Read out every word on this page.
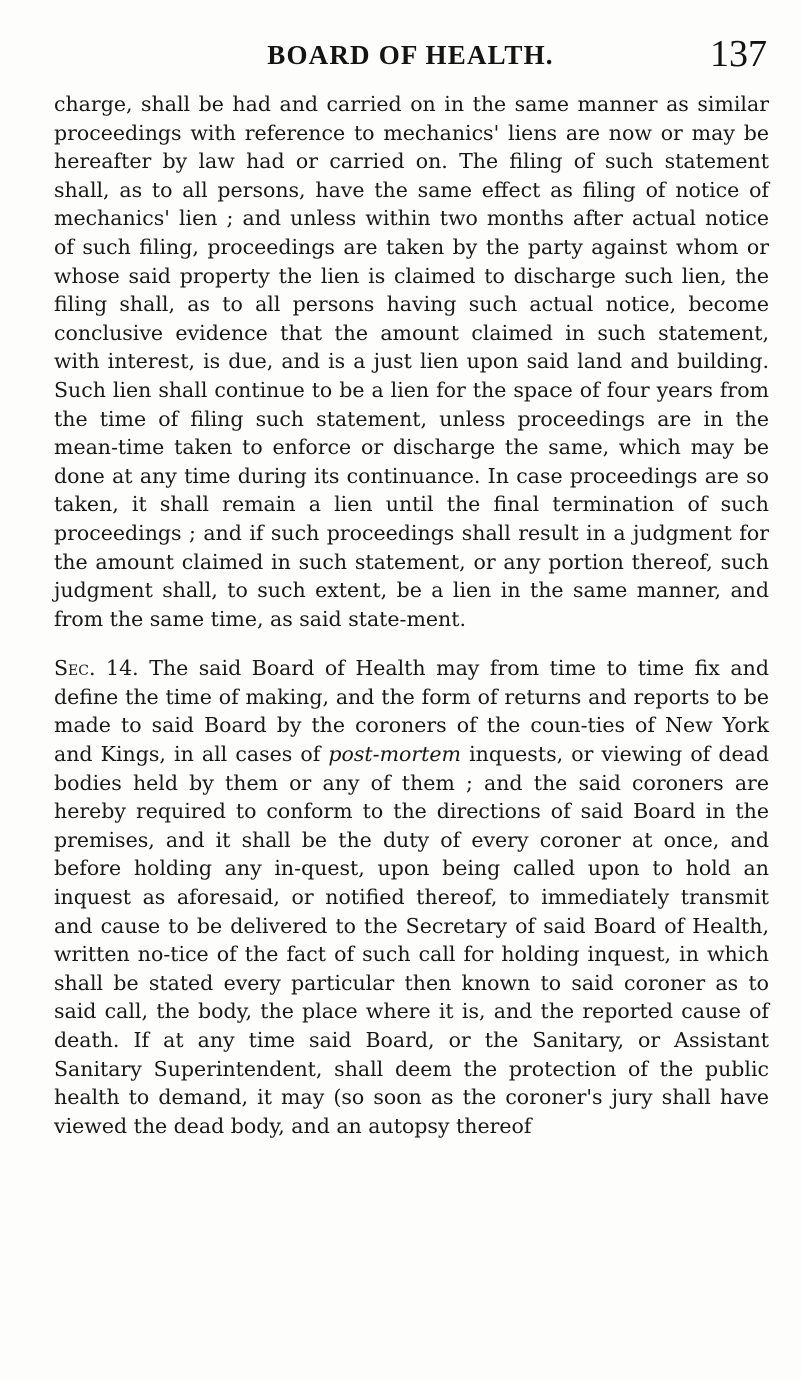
BOARD OF HEALTH.	137

charge, shall be had and carried on in the same manner as similar proceedings with reference to mechanics' liens are now or may be hereafter by law had or carried on. The filing of such statement shall, as to all persons, have the same effect as filing of notice of mechanics' lien ; and unless within two months after actual notice of such filing, proceedings are taken by the party against whom or whose said property the lien is claimed to discharge such lien, the filing shall, as to all persons having such actual notice, become conclusive evidence that the amount claimed in such statement, with interest, is due, and is a just lien upon said land and building. Such lien shall continue to be a lien for the space of four years from the time of filing such statement, unless proceedings are in the mean-time taken to enforce or discharge the same, which may be done at any time during its continuance. In case proceedings are so taken, it shall remain a lien until the final termination of such proceedings ; and if such proceedings shall result in a judgment for the amount claimed in such statement, or any portion thereof, such judgment shall, to such extent, be a lien in the same manner, and from the same time, as said state-ment.

Sec. 14. The said Board of Health may from time to time fix and define the time of making, and the form of returns and reports to be made to said Board by the coroners of the coun-ties of New York and Kings, in all cases of post-mortem inquests, or viewing of dead bodies held by them or any of them ; and the said coroners are hereby required to conform to the directions of said Board in the premises, and it shall be the duty of every coroner at once, and before holding any in-quest, upon being called upon to hold an inquest as aforesaid, or notified thereof, to immediately transmit and cause to be delivered to the Secretary of said Board of Health, written no-tice of the fact of such call for holding inquest, in which shall be stated every particular then known to said coroner as to said call, the body, the place where it is, and the reported cause of death. If at any time said Board, or the Sanitary, or Assistant Sanitary Superintendent, shall deem the protection of the public health to demand, it may (so soon as the coroner's jury shall have viewed the dead body, and an autopsy thereof
